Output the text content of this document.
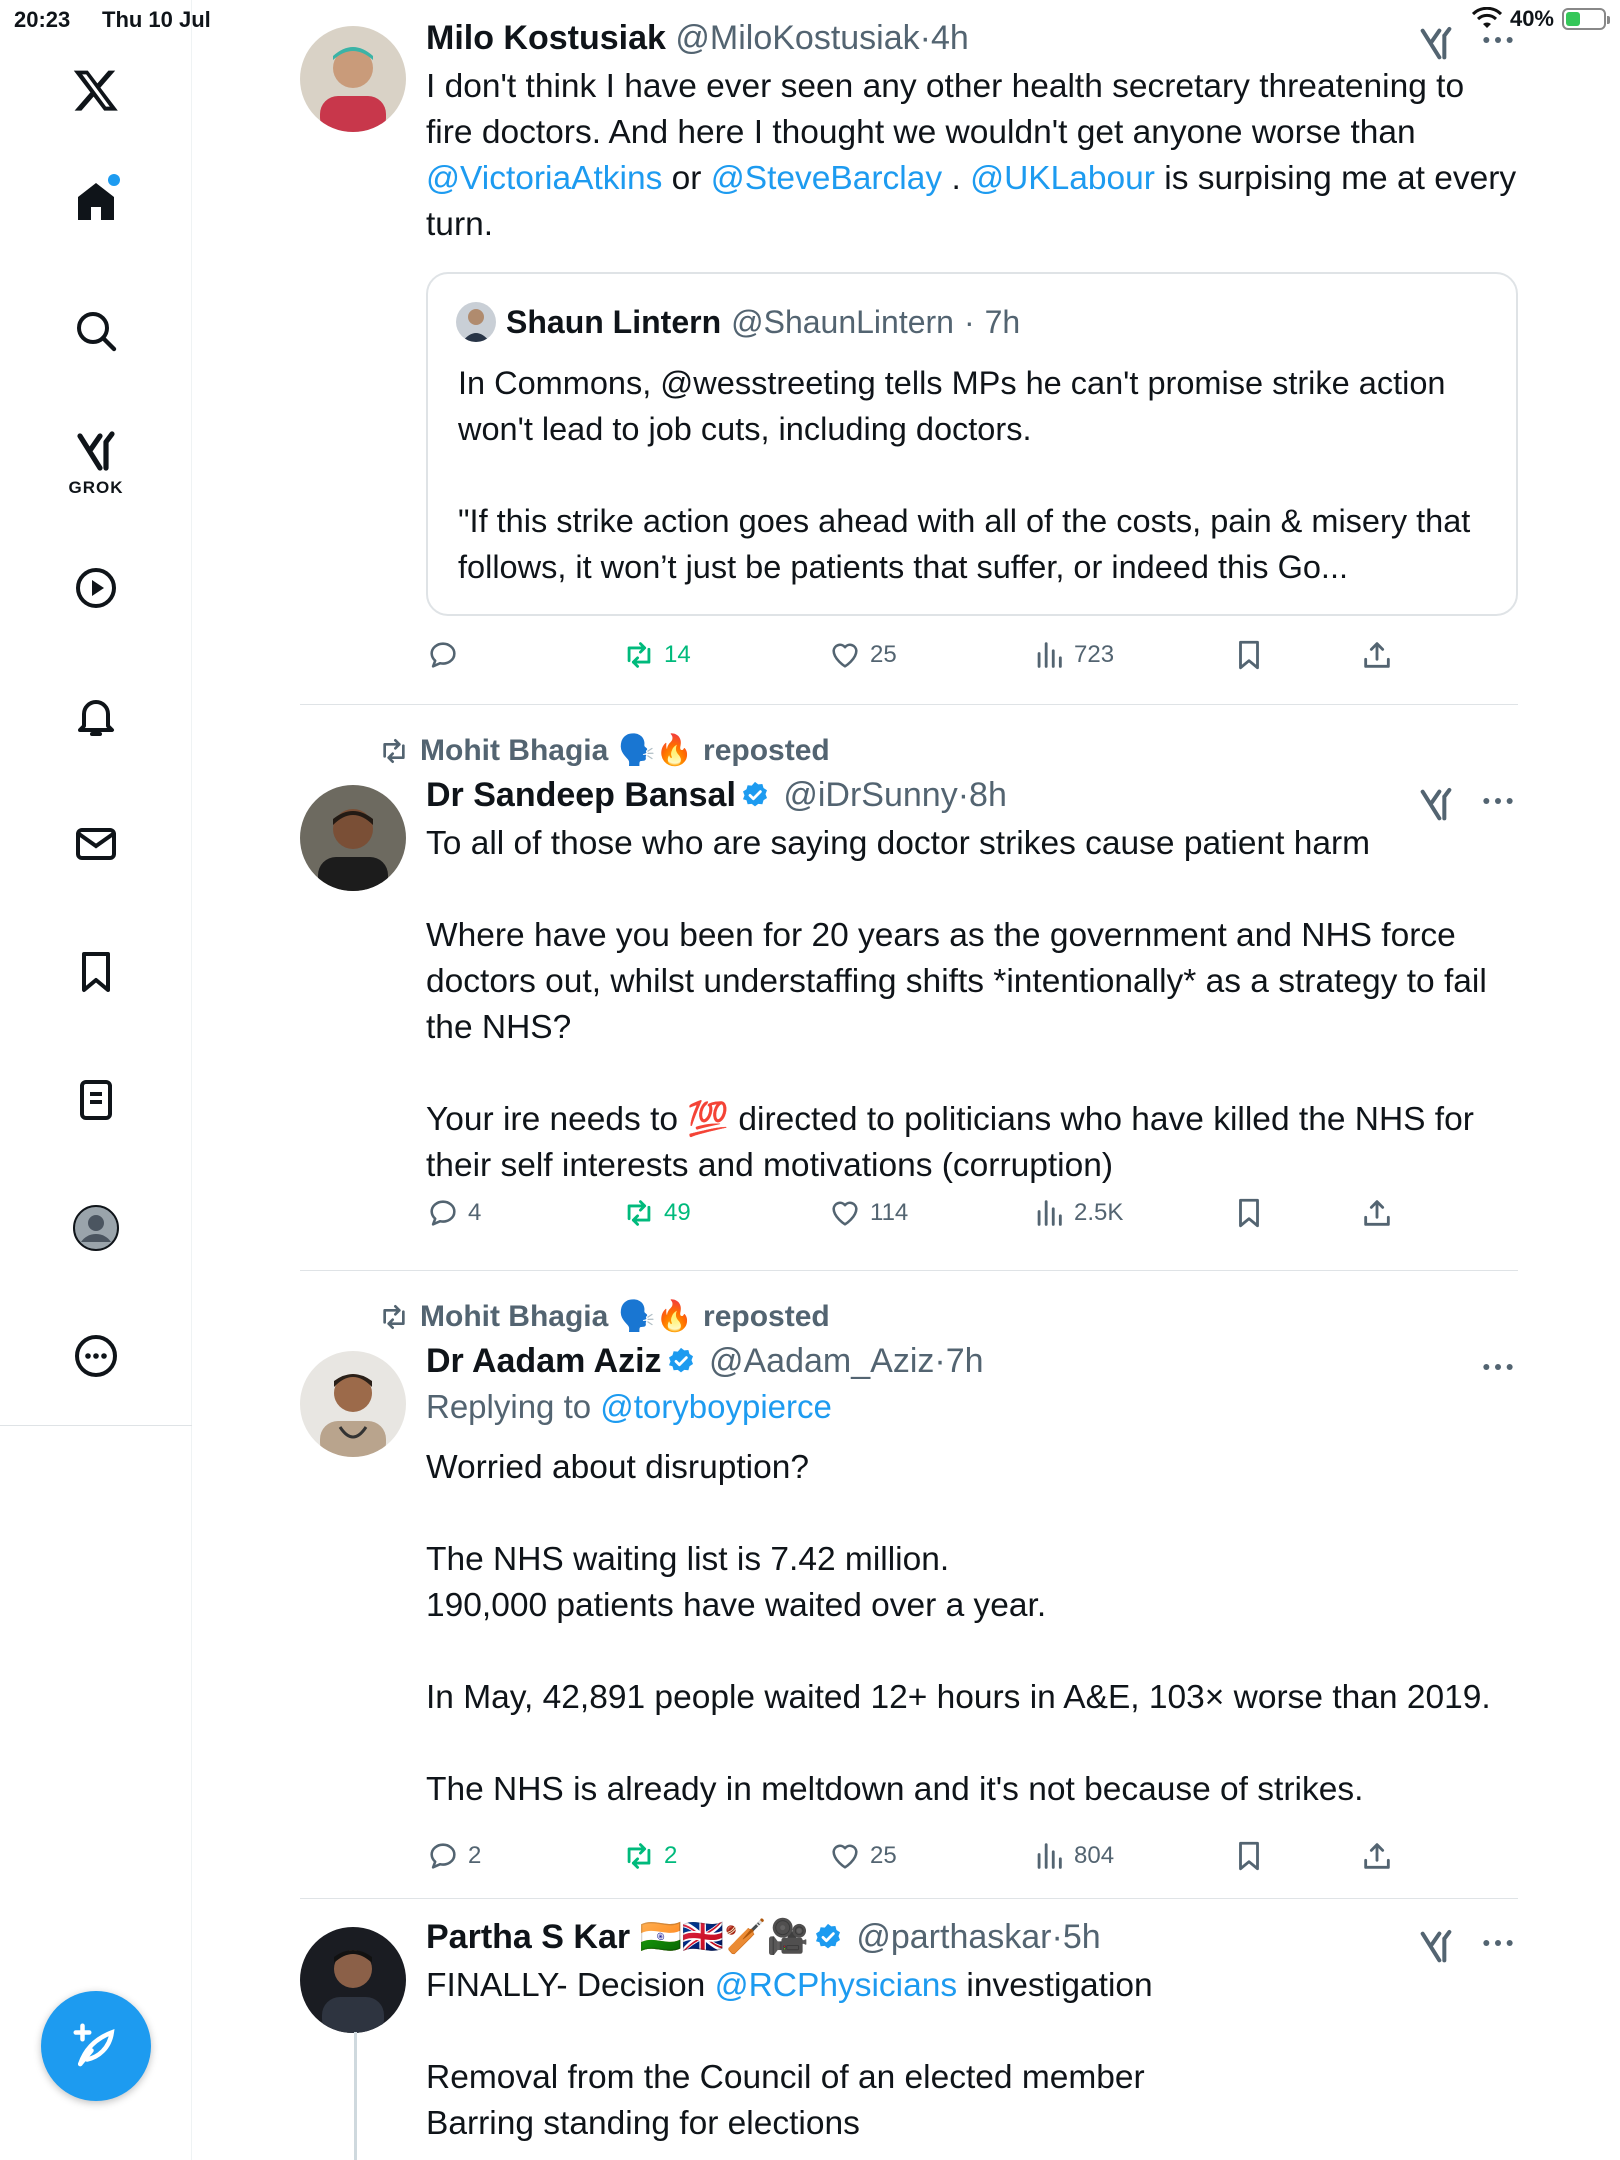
20:23 Thu 10 Jul	40%
GROK
Milo Kostusiak @MiloKostusiak·4h
I don't think I have ever seen any other health secretary threatening to fire doctors. And here I thought we wouldn't get anyone worse than @VictoriaAtkins or @SteveBarclay . @UKLabour is surpising me at every turn.
Shaun Lintern @ShaunLintern · 7h
In Commons, @wesstreeting tells MPs he can't promise strike action won't lead to job cuts, including doctors.

"If this strike action goes ahead with all of the costs, pain & misery that follows, it won’t just be patients that suffer, or indeed this Go...
14	25	723
Mohit Bhagia 🗣️🔥 reposted
Dr Sandeep Bansal @iDrSunny·8h
To all of those who are saying doctor strikes cause patient harm

Where have you been for 20 years as the government and NHS force doctors out, whilst understaffing shifts *intentionally* as a strategy to fail the NHS?

Your ire needs to 💯 directed to politicians who have killed the NHS for their self interests and motivations (corruption)
4	49	114	2.5K
Mohit Bhagia 🗣️🔥 reposted
Dr Aadam Aziz @Aadam_Aziz·7h
Replying to @toryboypierce
Worried about disruption?

The NHS waiting list is 7.42 million.
190,000 patients have waited over a year.

In May, 42,891 people waited 12+ hours in A&E, 103× worse than 2019.

The NHS is already in meltdown and it's not because of strikes.
2	2	25	804
Partha S Kar 🇮🇳🇬🇧🏏🎥 @parthaskar·5h
FINALLY- Decision @RCPhysicians investigation

Removal from the Council of an elected member
Barring standing for elections
